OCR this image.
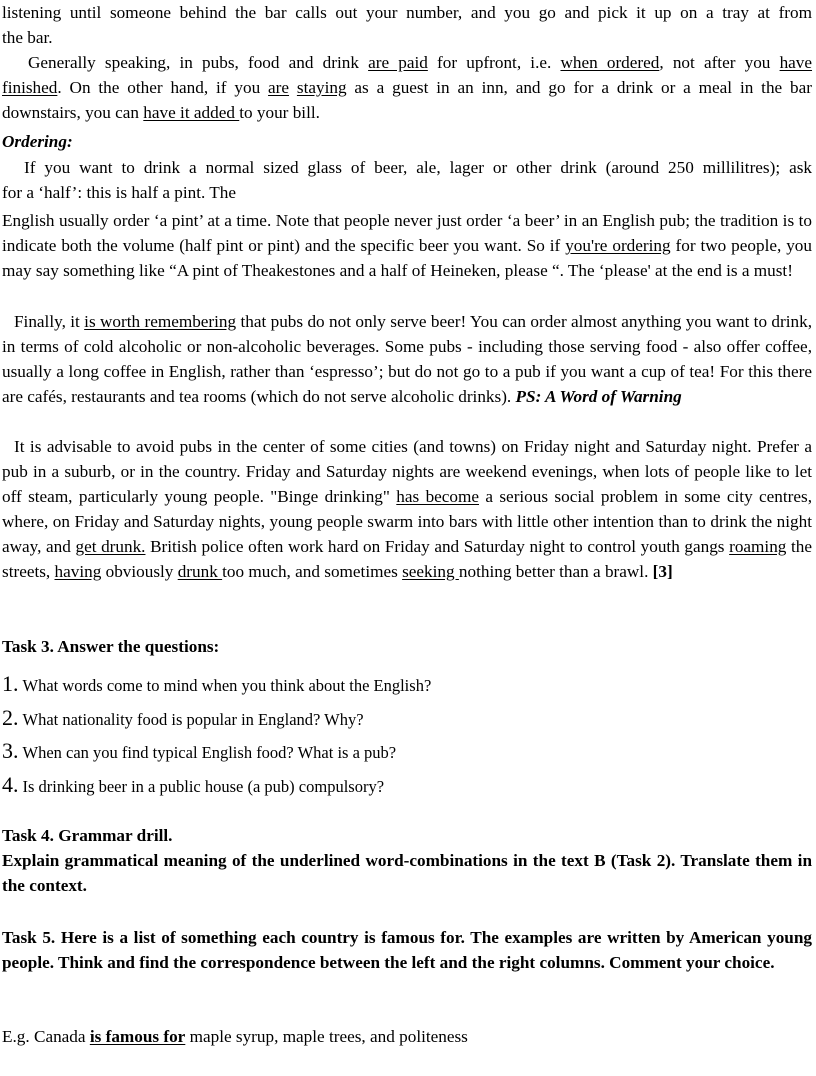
listening until someone behind the bar calls out your number, and you go and pick it up on a tray at from

the bar.

Generally speaking, in pubs, food and drink are paid for upfront, i.e. when ordered, not after you have

finished. On the other hand, if you are staying as a guest in an inn, and go for a drink or a meal in the bar

downstairs, you can have it added to your bill.

Ordering:

If you want to drink a normal sized glass of beer, ale, lager or other drink (around 250 millilitres); ask

for a ‘half’: this is half a pint. The

English usually order ‘a pint’ at a time. Note that people never just order ‘a beer’ in an English pub; the tradition is to indicate both the volume (half pint or pint) and the specific beer you want. So if you're ordering for two people, you may say something like “A pint of Theakestones and a half of Heineken, please “. The ‘please' at the end is a must!

Finally, it is worth remembering that pubs do not only serve beer! You can order almost anything you want to drink, in terms of cold alcoholic or non-alcoholic beverages. Some pubs - including those serving food - also offer coffee, usually a long coffee in English, rather than ‘espresso’; but do not go to a pub if you want a cup of tea! For this there are cafés, restaurants and tea rooms (which do not serve alcoholic drinks). PS: A Word of Warning

It is advisable to avoid pubs in the center of some cities (and towns) on Friday night and Saturday night. Prefer a pub in a suburb, or in the country. Friday and Saturday nights are weekend evenings, when lots of people like to let off steam, particularly young people. "Binge drinking" has become a serious social problem in some city centres, where, on Friday and Saturday nights, young people swarm into bars with little other intention than to drink the night away, and get drunk. British police often work hard on Friday and Saturday night to control youth gangs roaming the streets, having obviously drunk too much, and sometimes seeking nothing better than a brawl. [3]

Task 3. Answer the questions:

1. What words come to mind when you think about the English?
2. What nationality food is popular in England? Why?
3. When can you find typical English food? What is a pub?
4. Is drinking beer in a public house (a pub) compulsory?

Task 4. Grammar drill.

Explain grammatical meaning of the underlined word-combinations in the text B (Task 2). Translate them in the context.

Task 5. Here is a list of something each country is famous for. The examples are written by American young people. Think and find the correspondence between the left and the right columns. Comment your choice.

E.g. Canada is famous for maple syrup, maple trees, and politeness
